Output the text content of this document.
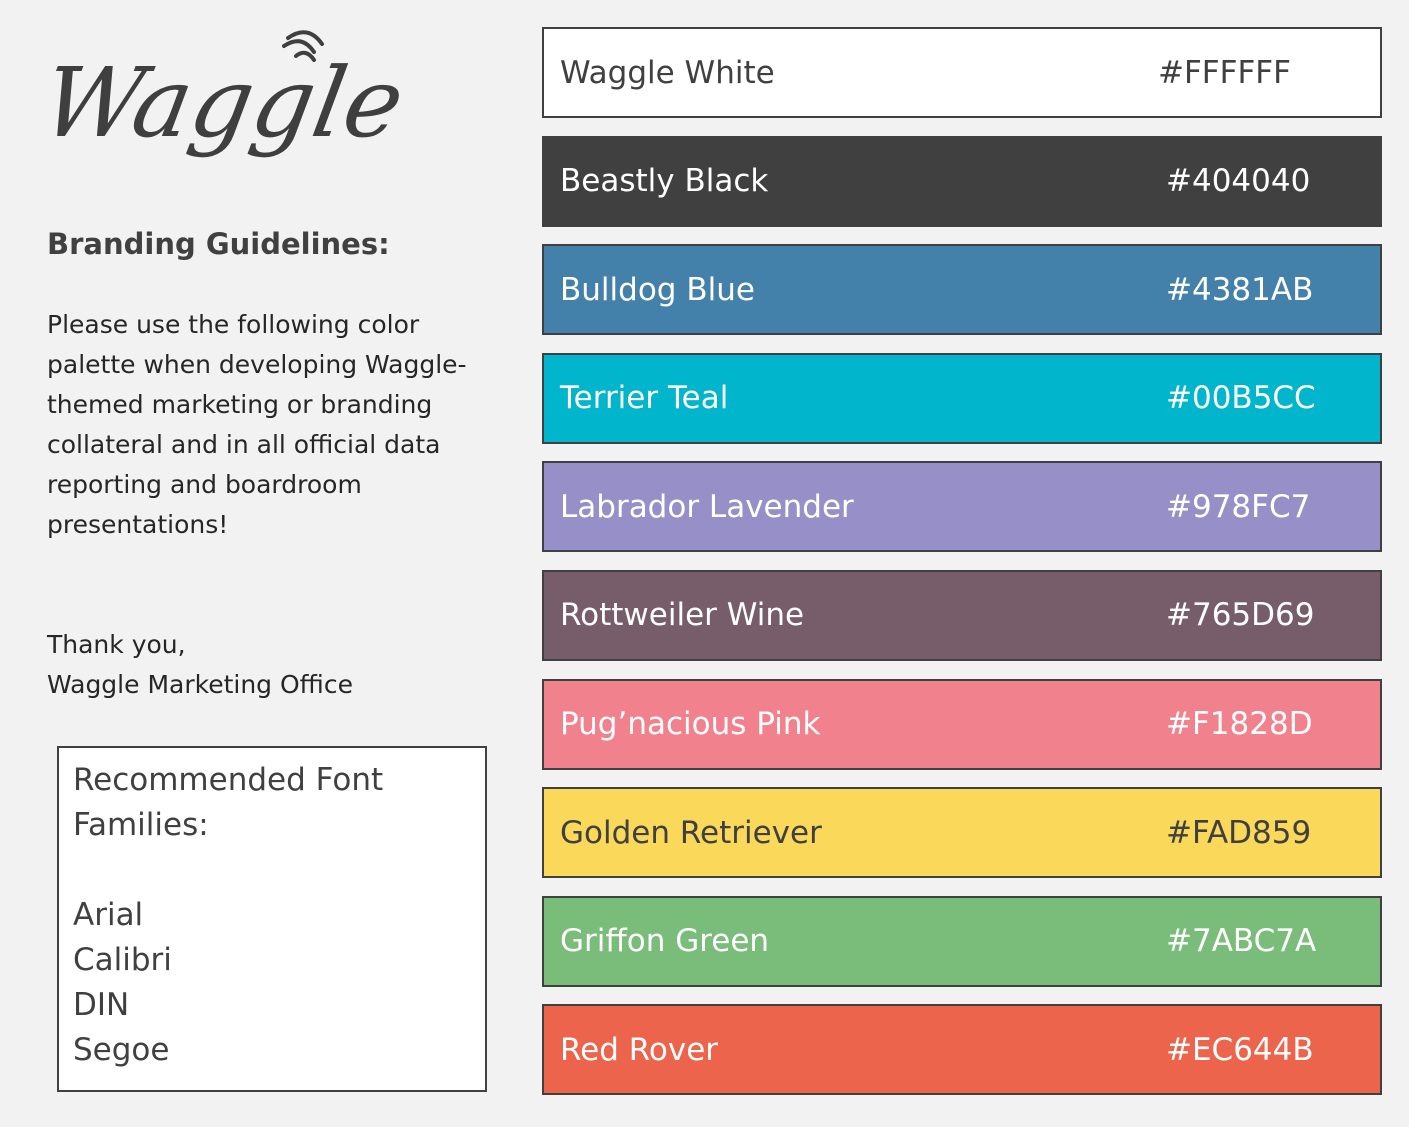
Waggle
Branding Guidelines:

Please use the following color palette when developing Waggle-themed marketing or branding collateral and in all official data reporting and boardroom presentations!

Thank you,
Waggle Marketing Office
Recommended Font Families:
Arial
Calibri
DIN
Segoe
Waggle White	#FFFFFF
Beastly Black	#404040
Bulldog Blue	#4381AB
Terrier Teal	#00B5CC
Labrador Lavender	#978FC7
Rottweiler Wine	#765D69
Pug’nacious Pink	#F1828D
Golden Retriever	#FAD859
Griffon Green	#7ABC7A
Red Rover	#EC644B
